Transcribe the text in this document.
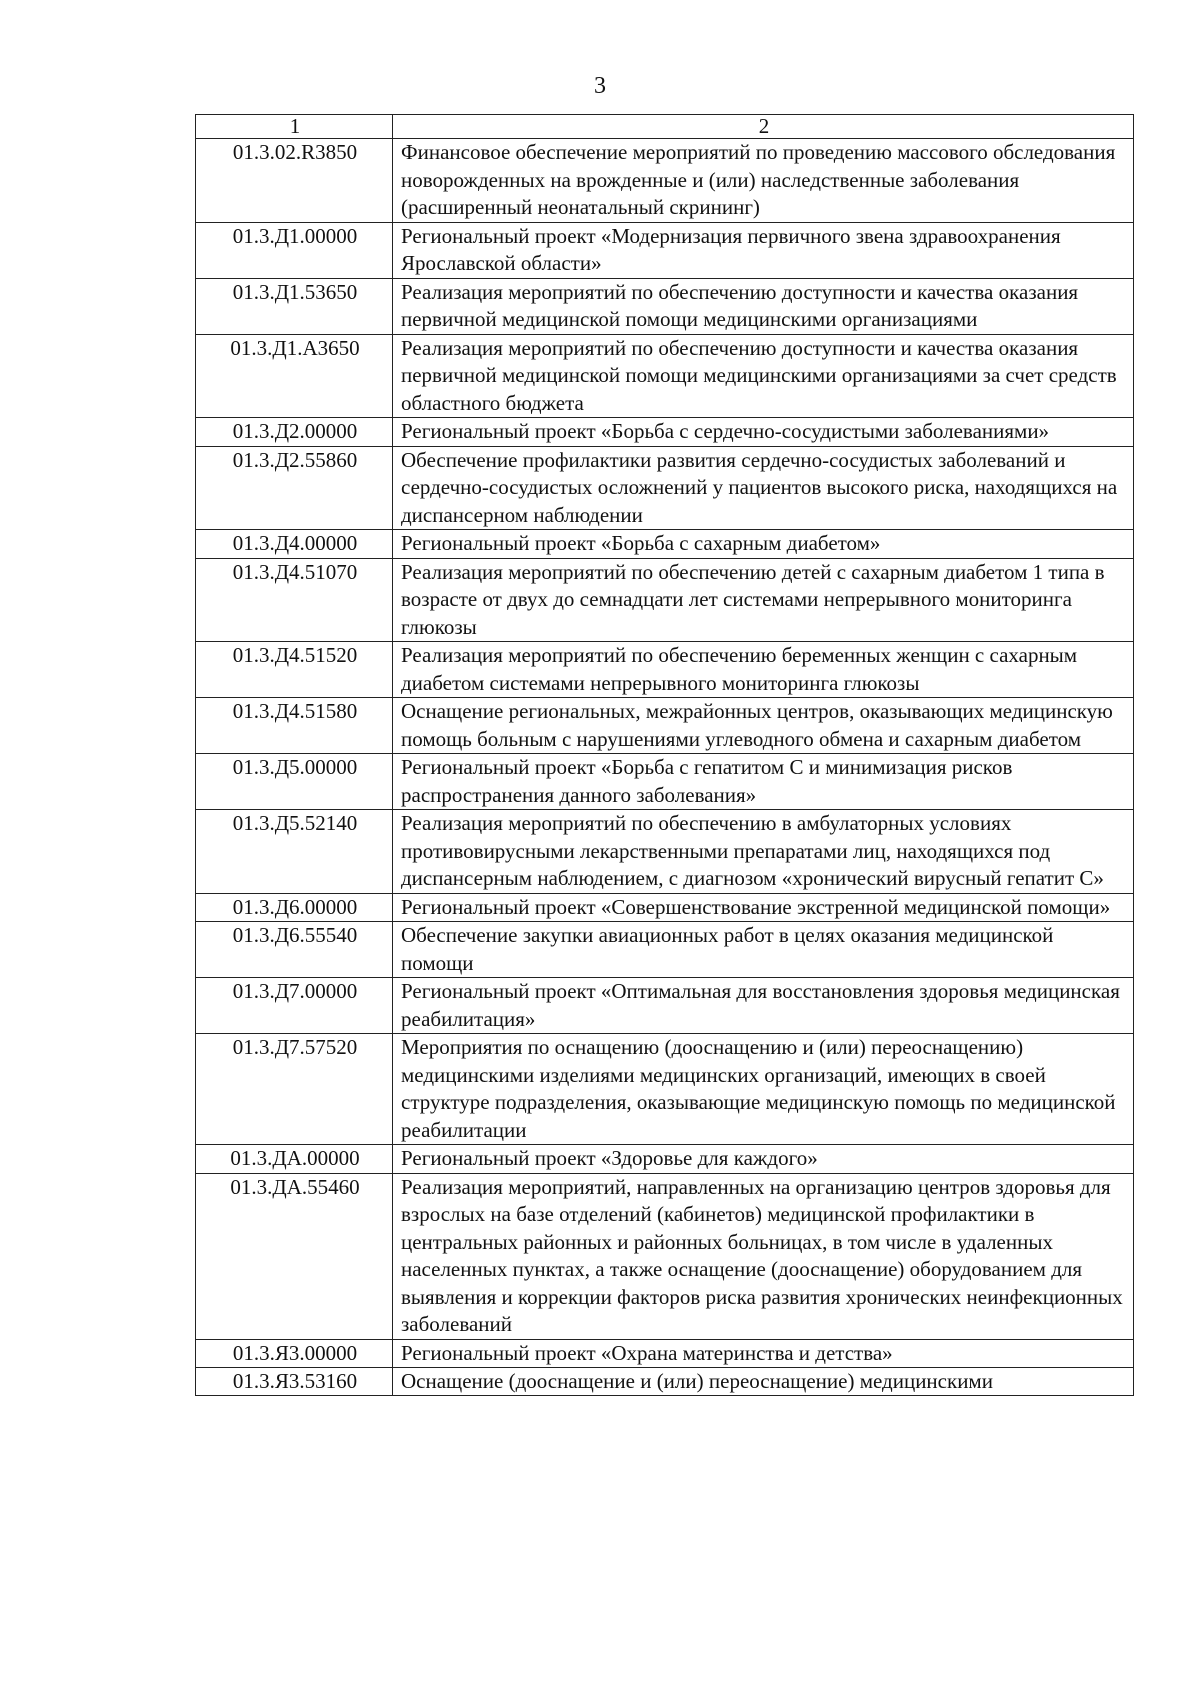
3
1	2
01.3.02.R3850	Финансовое обеспечение мероприятий по проведению массового обследования новорожденных на врожденные и (или) наследственные заболевания (расширенный неонатальный скрининг)
01.3.Д1.00000	Региональный проект «Модернизация первичного звена здравоохранения Ярославской области»
01.3.Д1.53650	Реализация мероприятий по обеспечению доступности и качества оказания первичной медицинской помощи медицинскими организациями
01.3.Д1.А3650	Реализация мероприятий по обеспечению доступности и качества оказания первичной медицинской помощи медицинскими организациями за счет средств областного бюджета
01.3.Д2.00000	Региональный проект «Борьба с сердечно-сосудистыми заболеваниями»
01.3.Д2.55860	Обеспечение профилактики развития сердечно-сосудистых заболеваний и сердечно-сосудистых осложнений у пациентов высокого риска, находящихся на диспансерном наблюдении
01.3.Д4.00000	Региональный проект «Борьба с сахарным диабетом»
01.3.Д4.51070	Реализация мероприятий по обеспечению детей с сахарным диабетом 1 типа в возрасте от двух до семнадцати лет системами непрерывного мониторинга глюкозы
01.3.Д4.51520	Реализация мероприятий по обеспечению беременных женщин с сахарным диабетом системами непрерывного мониторинга глюкозы
01.3.Д4.51580	Оснащение региональных, межрайонных центров, оказывающих медицинскую помощь больным с нарушениями углеводного обмена и сахарным диабетом
01.3.Д5.00000	Региональный проект «Борьба с гепатитом С и минимизация рисков распространения данного заболевания»
01.3.Д5.52140	Реализация мероприятий по обеспечению в амбулаторных условиях противовирусными лекарственными препаратами лиц, находящихся под диспансерным наблюдением, с диагнозом «хронический вирусный гепатит С»
01.3.Д6.00000	Региональный проект «Совершенствование экстренной медицинской помощи»
01.3.Д6.55540	Обеспечение закупки авиационных работ в целях оказания медицинской помощи
01.3.Д7.00000	Региональный проект «Оптимальная для восстановления здоровья медицинская реабилитация»
01.3.Д7.57520	Мероприятия по оснащению (дооснащению и (или) переоснащению) медицинскими изделиями медицинских организаций, имеющих в своей структуре подразделения, оказывающие медицинскую помощь по медицинской реабилитации
01.3.ДА.00000	Региональный проект «Здоровье для каждого»
01.3.ДА.55460	Реализация мероприятий, направленных на организацию центров здоровья для взрослых на базе отделений (кабинетов) медицинской профилактики в центральных районных и районных больницах, в том числе в удаленных населенных пунктах, а также оснащение (дооснащение) оборудованием для выявления и коррекции факторов риска развития хронических неинфекционных заболеваний
01.3.Я3.00000	Региональный проект «Охрана материнства и детства»
01.3.Я3.53160	Оснащение (дооснащение и (или) переоснащение) медицинскими
